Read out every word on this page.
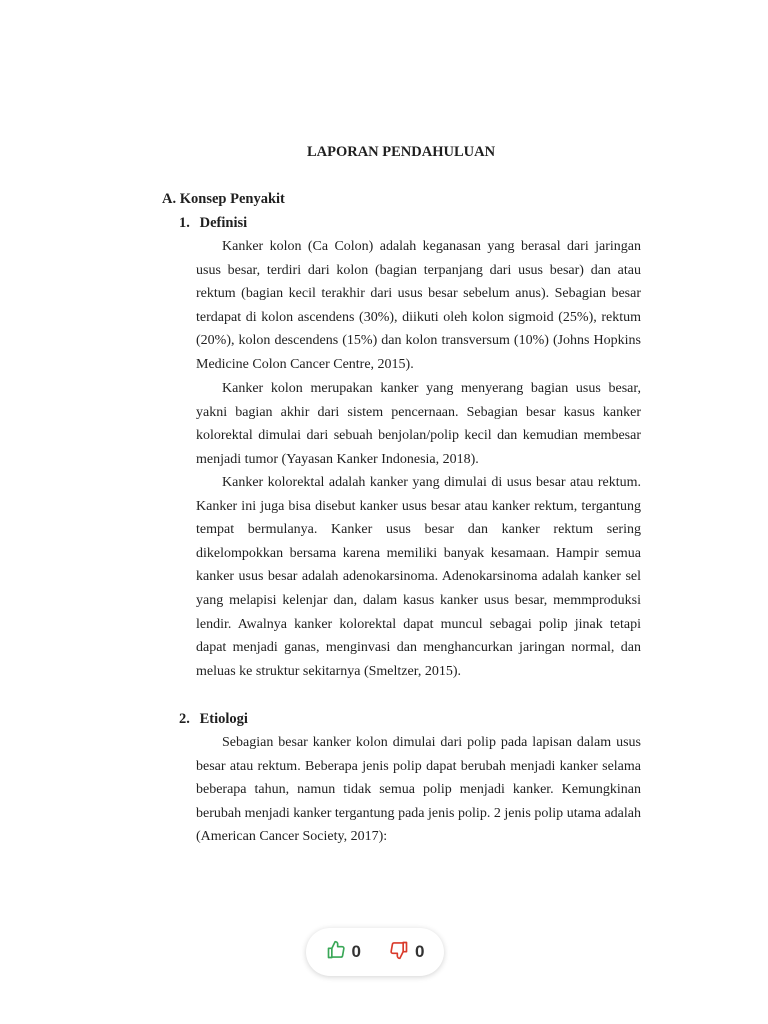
LAPORAN PENDAHULUAN
A. Konsep Penyakit
1. Definisi

Kanker kolon (Ca Colon) adalah keganasan yang berasal dari jaringan usus besar, terdiri dari kolon (bagian terpanjang dari usus besar) dan atau rektum (bagian kecil terakhir dari usus besar sebelum anus). Sebagian besar terdapat di kolon ascendens (30%), diikuti oleh kolon sigmoid (25%), rektum (20%), kolon descendens (15%) dan kolon transversum (10%) (Johns Hopkins Medicine Colon Cancer Centre, 2015).

Kanker kolon merupakan kanker yang menyerang bagian usus besar, yakni bagian akhir dari sistem pencernaan. Sebagian besar kasus kanker kolorektal dimulai dari sebuah benjolan/polip kecil dan kemudian membesar menjadi tumor (Yayasan Kanker Indonesia, 2018).

Kanker kolorektal adalah kanker yang dimulai di usus besar atau rektum. Kanker ini juga bisa disebut kanker usus besar atau kanker rektum, tergantung tempat bermulanya. Kanker usus besar dan kanker rektum sering dikelompokkan bersama karena memiliki banyak kesamaan. Hampir semua kanker usus besar adalah adenokarsinoma. Adenokarsinoma adalah kanker sel yang melapisi kelenjar dan, dalam kasus kanker usus besar, memmproduksi lendir. Awalnya kanker kolorektal dapat muncul sebagai polip jinak tetapi dapat menjadi ganas, menginvasi dan menghancurkan jaringan normal, dan meluas ke struktur sekitarnya (Smeltzer, 2015).

2. Etiologi

Sebagian besar kanker kolon dimulai dari polip pada lapisan dalam usus besar atau rektum. Beberapa jenis polip dapat berubah menjadi kanker selama beberapa tahun, namun tidak semua polip menjadi kanker. Kemungkinan berubah menjadi kanker tergantung pada jenis polip. 2 jenis polip utama adalah (American Cancer Society, 2017):

0	0
